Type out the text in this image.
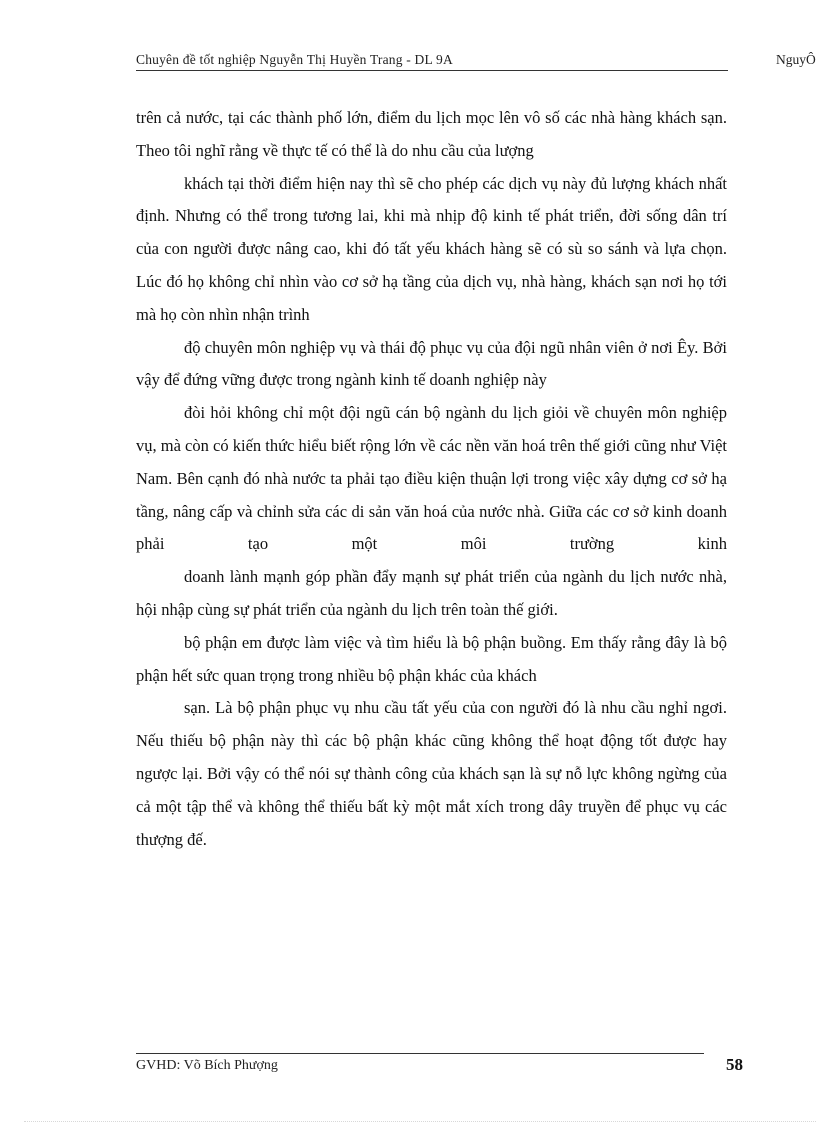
Chuyên đề tốt nghiệp Nguyễn Thị Huyền Trang - DL 9A	NguyÔ

trên cả nước, tại các thành phố lớn, điểm du lịch mọc lên vô số các nhà hàng khách sạn. Theo tôi nghĩ rằng về thực tế có thể là do nhu cầu của lượng

khách tại thời điểm hiện nay thì sẽ cho phép các dịch vụ này đủ lượng khách nhất định. Nhưng có thể trong tương lai, khi mà nhịp độ kinh tế phát triển, đời sống dân trí của con người được nâng cao, khi đó tất yếu khách hàng sẽ có sù so sánh và lựa chọn. Lúc đó họ không chỉ nhìn vào cơ sở hạ tầng của dịch vụ, nhà hàng, khách sạn nơi họ tới mà họ còn nhìn nhận trình

độ chuyên môn nghiệp vụ và thái độ phục vụ của đội ngũ nhân viên ở nơi Êy. Bởi vậy để đứng vững được trong ngành kinh tế doanh nghiệp này

đòi hỏi không chỉ một đội ngũ cán bộ ngành du lịch giỏi về chuyên môn nghiệp vụ, mà còn có kiến thức hiểu biết rộng lớn về các nền văn hoá trên thế giới cũng như Việt Nam. Bên cạnh đó nhà nước ta phải tạo điều kiện thuận lợi trong việc xây dựng cơ sở hạ tầng, nâng cấp và chỉnh sửa các di sản văn hoá của nước nhà. Giữa các cơ sở kinh doanh phải tạo một môi trường kinh

doanh lành mạnh góp phần đẩy mạnh sự phát triển của ngành du lịch nước nhà, hội nhập cùng sự phát triển của ngành du lịch trên toàn thế giới.

bộ phận em được làm việc và tìm hiểu là bộ phận buồng. Em thấy rằng đây là bộ phận hết sức quan trọng trong nhiều bộ phận khác của khách

sạn. Là bộ phận phục vụ nhu cầu tất yếu của con người đó là nhu cầu nghỉ ngơi. Nếu thiếu bộ phận này thì các bộ phận khác cũng không thể hoạt động tốt được hay ngược lại. Bởi vậy có thể nói sự thành công của khách sạn là sự nỗ lực không ngừng của cả một tập thể và không thể thiếu bất kỳ một mắt xích trong dây truyền để phục vụ các thượng đế.

GVHD: Võ Bích Phượng	58
